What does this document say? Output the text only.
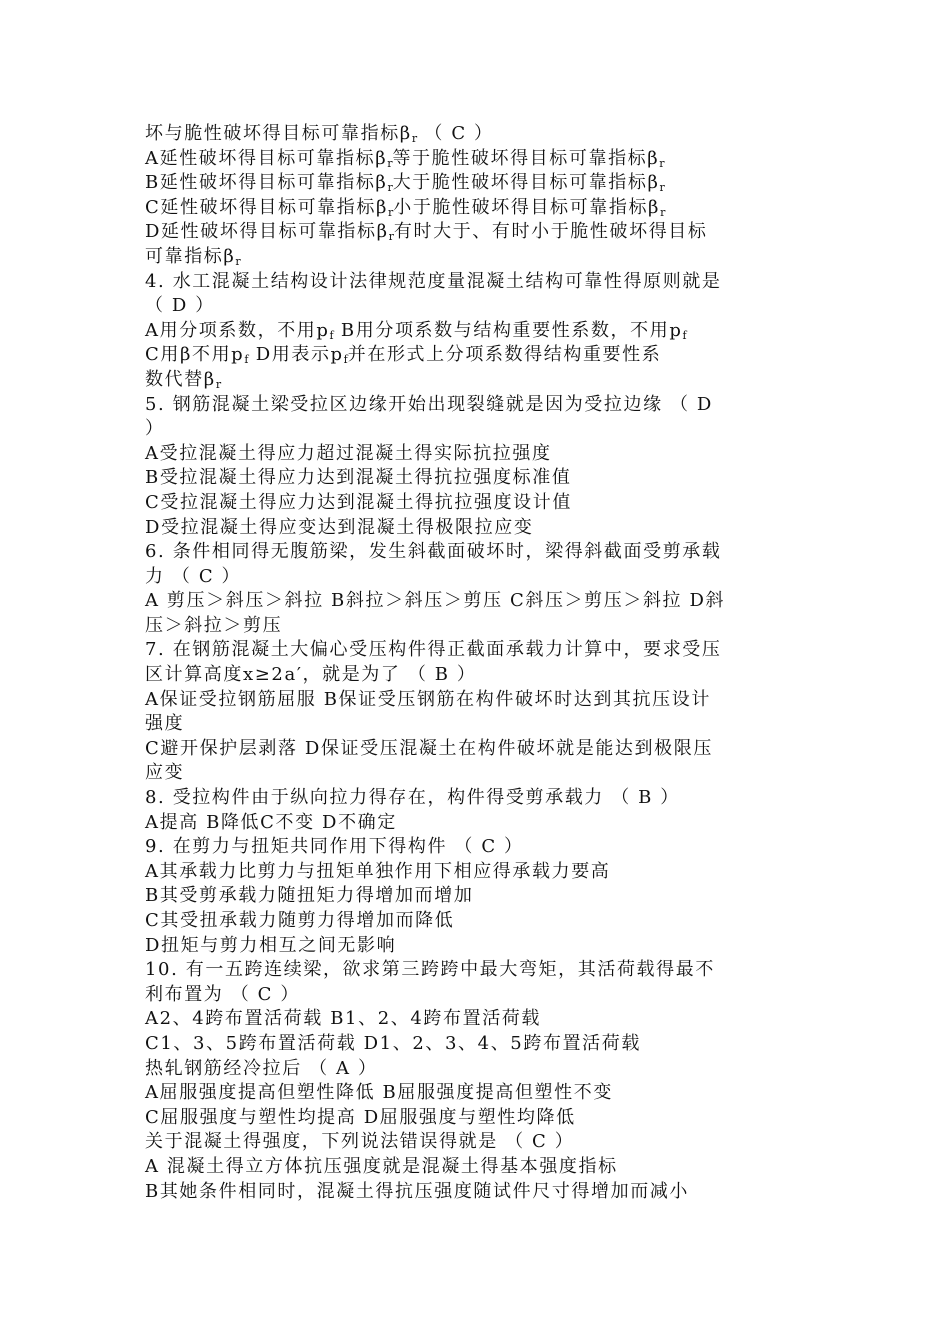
坏与脆性破坏得目标可靠指标$\beta_r$ （ C ）
A延性破坏得目标可靠指标$\beta_r$等于脆性破坏得目标可靠指标$\beta_r$
B延性破坏得目标可靠指标$\beta_r$大于脆性破坏得目标可靠指标$\beta_r$
C延性破坏得目标可靠指标$\beta_r$小于脆性破坏得目标可靠指标$\beta_r$
D延性破坏得目标可靠指标$\beta_r$有时大于、有时小于脆性破坏得目标
可靠指标$\beta_r$
4. 水工混凝土结构设计法律规范度量混凝土结构可靠性得原则就是
（ D ）
A用分项系数，不用$p_f$ B用分项系数与结构重要性系数，不用$p_f$
C用β不用$p_f$ D用表示$p_f$并在形式上分项系数得结构重要性系
数代替$\beta_r$
5. 钢筋混凝土梁受拉区边缘开始出现裂缝就是因为受拉边缘 （ D
）
A受拉混凝土得应力超过混凝土得实际抗拉强度
B受拉混凝土得应力达到混凝土得抗拉强度标准值
C受拉混凝土得应力达到混凝土得抗拉强度设计值
D受拉混凝土得应变达到混凝土得极限拉应变
6. 条件相同得无腹筋梁，发生斜截面破坏时，梁得斜截面受剪承载
力 （ C ）
A 剪压＞斜压＞斜拉 B斜拉＞斜压＞剪压 C斜压＞剪压＞斜拉 D斜
压＞斜拉＞剪压
7. 在钢筋混凝土大偏心受压构件得正截面承载力计算中，要求受压
区计算高度x≥2a′，就是为了 （ B ）
A保证受拉钢筋屈服 B保证受压钢筋在构件破坏时达到其抗压设计
强度
C避开保护层剥落 D保证受压混凝土在构件破坏就是能达到极限压
应变
8. 受拉构件由于纵向拉力得存在，构件得受剪承载力 （ B ）
A提高 B降低C不变 D不确定
9. 在剪力与扭矩共同作用下得构件 （ C ）
A其承载力比剪力与扭矩单独作用下相应得承载力要高
B其受剪承载力随扭矩力得增加而增加
C其受扭承载力随剪力得增加而降低
D扭矩与剪力相互之间无影响
10. 有一五跨连续梁，欲求第三跨跨中最大弯矩，其活荷载得最不
利布置为 （ C ）
A2、4跨布置活荷载 B1、2、4跨布置活荷载
C1、3、5跨布置活荷载 D1、2、3、4、5跨布置活荷载
热轧钢筋经冷拉后 （ A ）
A屈服强度提高但塑性降低 B屈服强度提高但塑性不变
C屈服强度与塑性均提高 D屈服强度与塑性均降低
关于混凝土得强度，下列说法错误得就是 （ C ）
A 混凝土得立方体抗压强度就是混凝土得基本强度指标
B其她条件相同时，混凝土得抗压强度随试件尺寸得增加而减小
